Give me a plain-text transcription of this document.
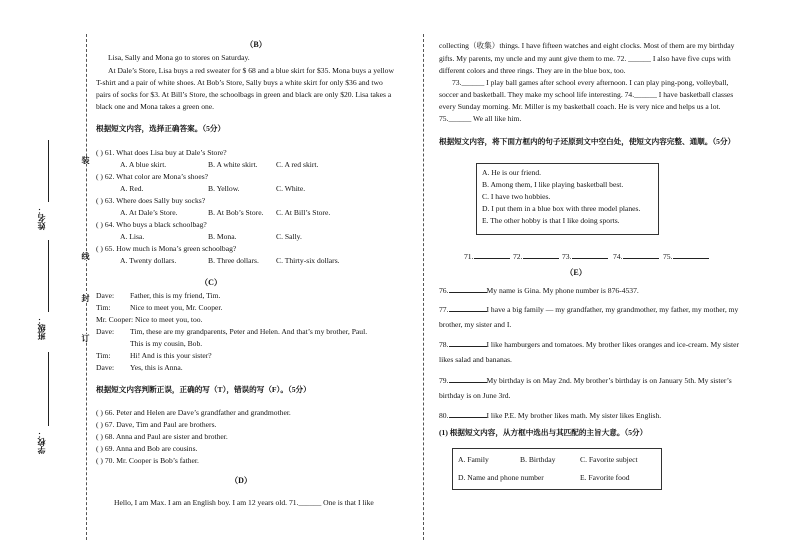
姓名：
班级：
学校：
装
线
封
订
（B）
Lisa, Sally and Mona go to stores on Saturday.
At Dale’s Store, Lisa buys a red sweater for $ 68 and a blue skirt for $35. Mona buys a yellow
T-shirt and a pair of white shoes. At Bob’s Store, Sally buys a white skirt for only $36 and two
pairs of socks for $3. At Bill’s Store, the schoolbags in green and black are only $20. Lisa takes a
black one and Mona takes a green one.
根据短文内容，选择正确答案。（5分）
( ) 61. What does Lisa buy at Dale’s Store?
A. A blue skirt.	B. A white skirt. C. A red skirt.
( ) 62. What color are Mona’s shoes?
A. Red.	B. Yellow.	C. White.
( ) 63. Where does Sally buy socks?
A. At Dale’s Store.	B. At Bob’s Store. C. At Bill’s Store.
( ) 64. Who buys a black schoolbag?
A. Lisa.	B. Mona.	C. Sally.
( ) 65. How much is Mona’s green schoolbag?
A. Twenty dollars.	B. Three dollars. C. Thirty-six dollars.
（C）
Dave: Father, this is my friend, Tim.
Tim:	Nice to meet you, Mr. Cooper.
Mr. Cooper: Nice to meet you, too.
Dave: Tim, these are my grandparents, Peter and Helen. And that’s my brother, Paul.
This is my cousin, Bob.
Tim:	Hi! And is this your sister?
Dave: Yes, this is Anna.
根据短文内容判断正误，正确的写（T），错误的写（F）。（5分）
( ) 66. Peter and Helen are Dave’s grandfather and grandmother.
( ) 67. Dave, Tim and Paul are brothers.
( ) 68. Anna and Paul are sister and brother.
( ) 69. Anna and Bob are cousins.
( ) 70. Mr. Cooper is Bob’s father.
（D）
Hello, I am Max. I am an English boy. I am 12 years old. 71.______ One is that I like
collecting（收集）things. I have fifteen watches and eight clocks. Most of them are my birthday
gifts. My parents, my uncle and my aunt give them to me. 72. ______ I also have five cups with
different colors and three rings. They are in the blue box, too.
73.______ I play ball games after school every afternoon. I can play ping-pong, volleyball,
soccer and basketball. They make my school life interesting. 74.______ I have basketball classes
every Sunday morning. Mr. Miller is my basketball coach. He is very nice and helps us a lot.
75.______ We all like him.
根据短文内容，将下面方框内的句子还原到文中空白处，使短文内容完整、通顺。（5分）
A. He is our friend.
B. Among them, I like playing basketball best.
C. I have two hobbies.
D. I put them in a blue box with three model planes.
E. The other hobby is that I like doing sports.
71.	72.	73.	74.	75.
（E）
76.	My name is Gina. My phone number is 876-4537.
77.	I have a big family — my grandfather, my grandmother, my father, my mother, my
brother, my sister and I.
78.	I like hamburgers and tomatoes. My brother likes oranges and ice-cream. My sister
likes salad and bananas.
79.	My birthday is on May 2nd. My brother’s birthday is on January 5th. My sister’s
birthday is on June 3rd.
80.	I like P.E. My brother likes math. My sister likes English.
(1) 根据短文内容，从方框中选出与其匹配的主旨大意。（5分）
A. Family	B. Birthday	C. Favorite subject
D. Name and phone number	E. Favorite food
